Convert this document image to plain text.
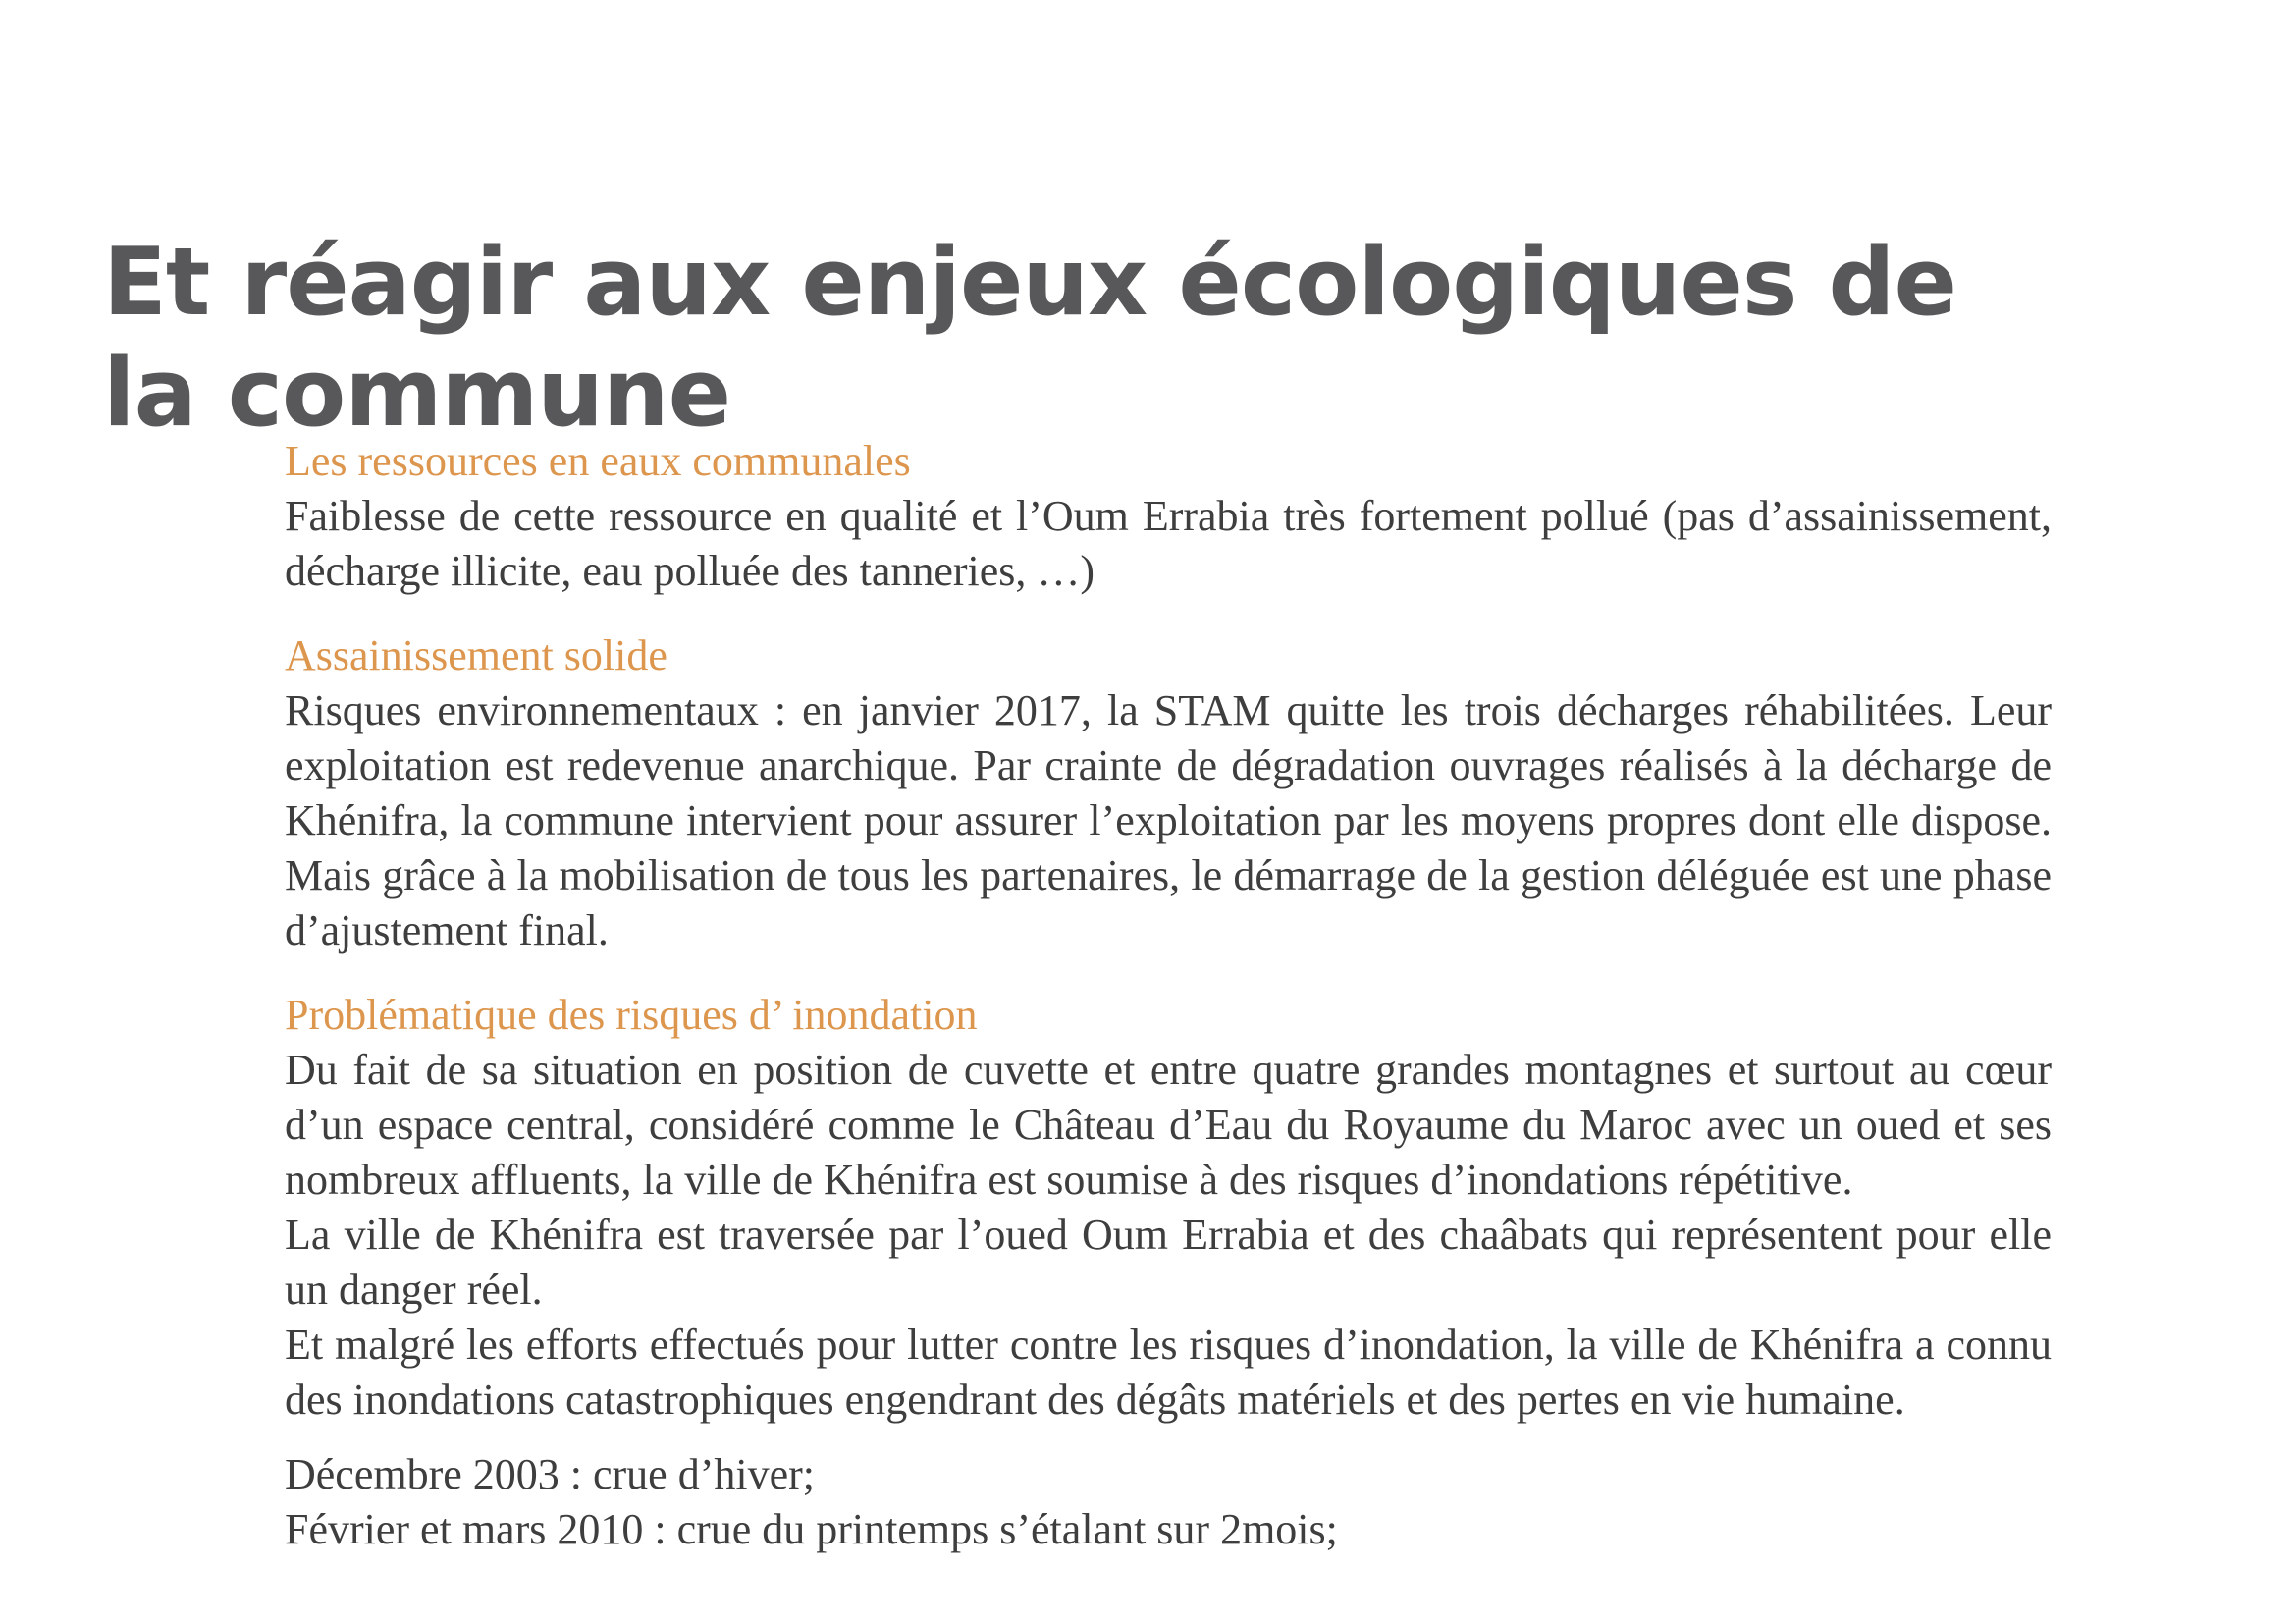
Et réagir aux enjeux écologiques de
la commune
Les ressources en eaux communales

Faiblesse de cette ressource en qualité et l’Oum Errabia très fortement pollué (pas d’assainissement, décharge illicite, eau polluée des tanneries, …)

Assainissement solide

Risques environnementaux : en janvier 2017, la STAM quitte les trois décharges réhabilitées. Leur exploitation est redevenue anarchique. Par crainte de dégradation ouvrages réalisés à la décharge de Khénifra, la commune intervient pour assurer l’exploitation par les moyens propres dont elle dispose. Mais grâce à la mobilisation de tous les partenaires, le démarrage de la gestion déléguée est une phase d’ajustement final.

Problématique des risques d’ inondation

Du fait de sa situation en position de cuvette et entre quatre grandes montagnes et surtout au cœur d’un espace central, considéré comme le Château d’Eau du Royaume du Maroc avec un oued et ses nombreux affluents, la ville de Khénifra est soumise à des risques d’inondations répétitive.

La ville de Khénifra est traversée par l’oued Oum Errabia et des chaâbats qui représentent pour elle un danger réel.

Et malgré les efforts effectués pour lutter contre les risques d’inondation, la ville de Khénifra a connu des inondations catastrophiques engendrant des dégâts matériels et des pertes en vie humaine.

Décembre 2003 : crue d’hiver;

Février et mars 2010 : crue du printemps s’étalant sur 2mois;
